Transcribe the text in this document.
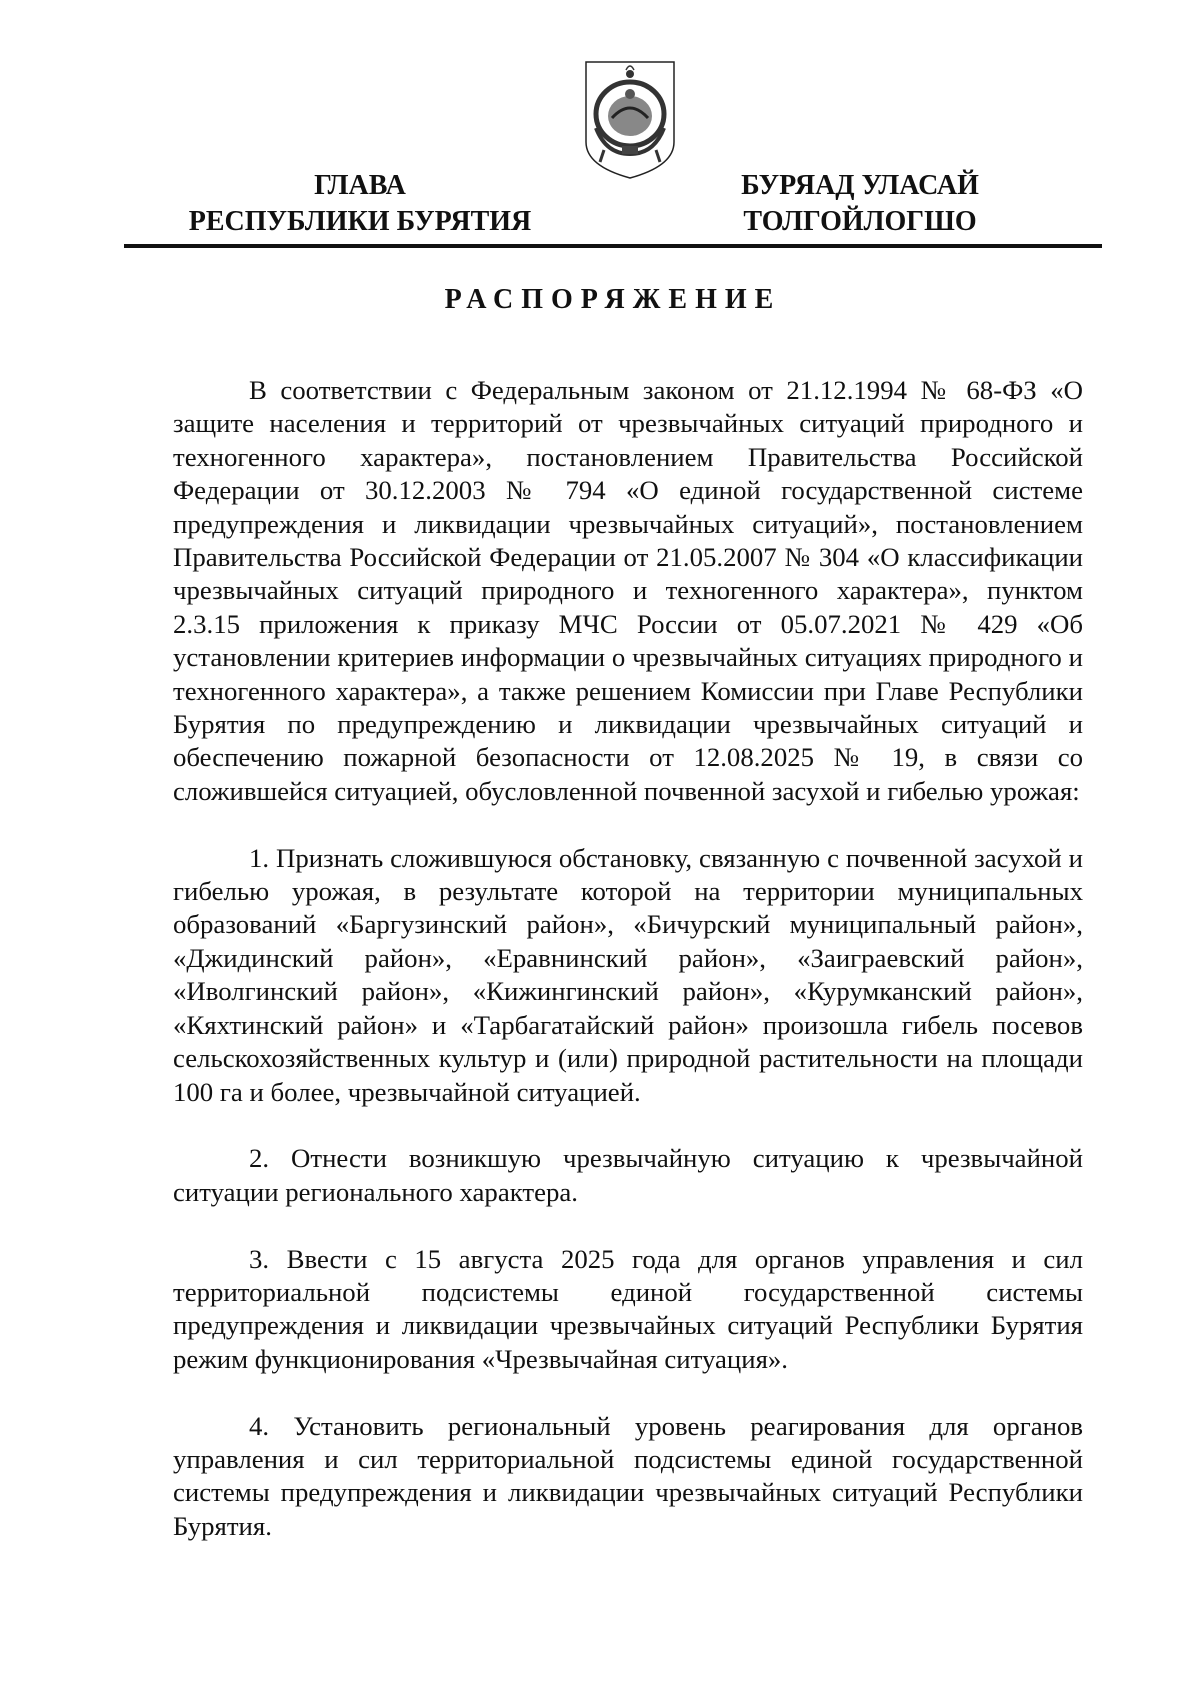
ГЛАВА
РЕСПУБЛИКИ БУРЯТИЯ
БУРЯАД УЛАСАЙ
ТОЛГОЙЛОГШО
РАСПОРЯЖЕНИЕ

В соответствии с Федеральным законом от 21.12.1994 № 68-ФЗ «О защите населения и территорий от чрезвычайных ситуаций природного и техногенного характера», постановлением Правительства Российской Федерации от 30.12.2003 № 794 «О единой государственной системе предупреждения и ликвидации чрезвычайных ситуаций», постановлением Правительства Российской Федерации от 21.05.2007 № 304 «О классификации чрезвычайных ситуаций природного и техногенного характера», пунктом 2.3.15 приложения к приказу МЧС России от 05.07.2021 № 429 «Об установлении критериев информации о чрезвычайных ситуациях природного и техногенного характера», а также решением Комиссии при Главе Республики Бурятия по предупреждению и ликвидации чрезвычайных ситуаций и обеспечению пожарной безопасности от 12.08.2025 № 19, в связи со сложившейся ситуацией, обусловленной почвенной засухой и гибелью урожая:

1. Признать сложившуюся обстановку, связанную с почвенной засухой и гибелью урожая, в результате которой на территории муниципальных образований «Баргузинский район», «Бичурский муниципальный район», «Джидинский район», «Еравнинский район», «Заиграевский район», «Иволгинский район», «Кижингинский район», «Курумканский район», «Кяхтинский район» и «Тарбагатайский район» произошла гибель посевов сельскохозяйственных культур и (или) природной растительности на площади 100 га и более, чрезвычайной ситуацией.

2. Отнести возникшую чрезвычайную ситуацию к чрезвычайной ситуации регионального характера.

3. Ввести с 15 августа 2025 года для органов управления и сил территориальной подсистемы единой государственной системы предупреждения и ликвидации чрезвычайных ситуаций Республики Бурятия режим функционирования «Чрезвычайная ситуация».

4. Установить региональный уровень реагирования для органов управления и сил территориальной подсистемы единой государственной системы предупреждения и ликвидации чрезвычайных ситуаций Республики Бурятия.
